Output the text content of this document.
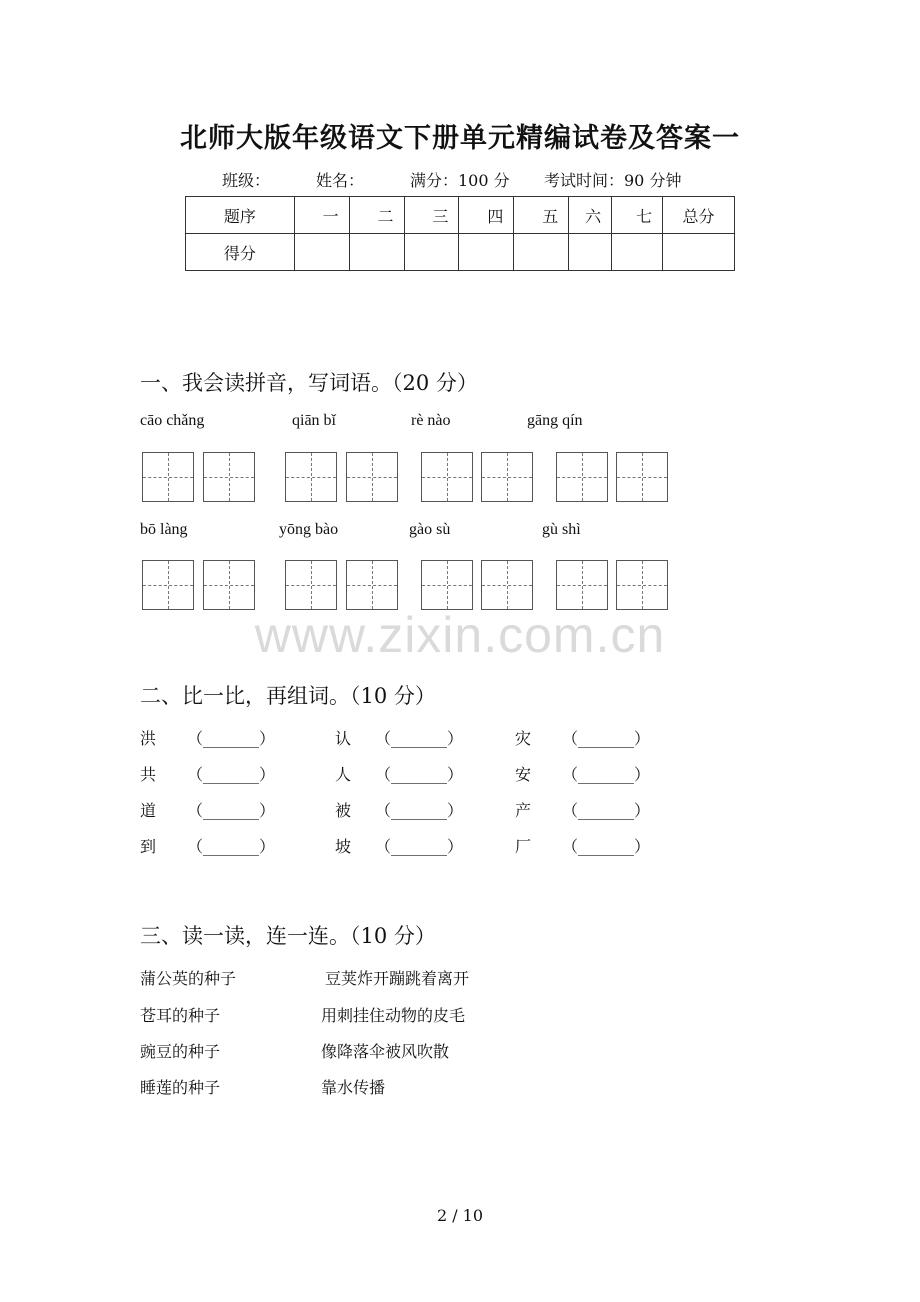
北师大版年级语文下册单元精编试卷及答案一
班级：	姓名：	满分：100 分 考试时间：90 分钟
题序	一	二	三	四	五	六	七	总分
得分								
一、我会读拼音，写词语。（20 分）
cāo chǎng	qiān bǐ	rè nào	gāng qín
bō làng	yōng bào	gào sù	gù shì
www.zixin.com.cn
二、比一比，再组词。（10 分）
洪 （_______）	认 （_______）	灾 （_______）
共 （_______）	人 （_______）	安 （_______）
道 （_______）	被 （_______）	产 （_______）
到 （_______）	坡 （_______）	厂 （_______）
三、读一读，连一连。（10 分）
蒲公英的种子	豆荚炸开蹦跳着离开
苍耳的种子	用刺挂住动物的皮毛
豌豆的种子	像降落伞被风吹散
睡莲的种子	靠水传播
2 / 10
